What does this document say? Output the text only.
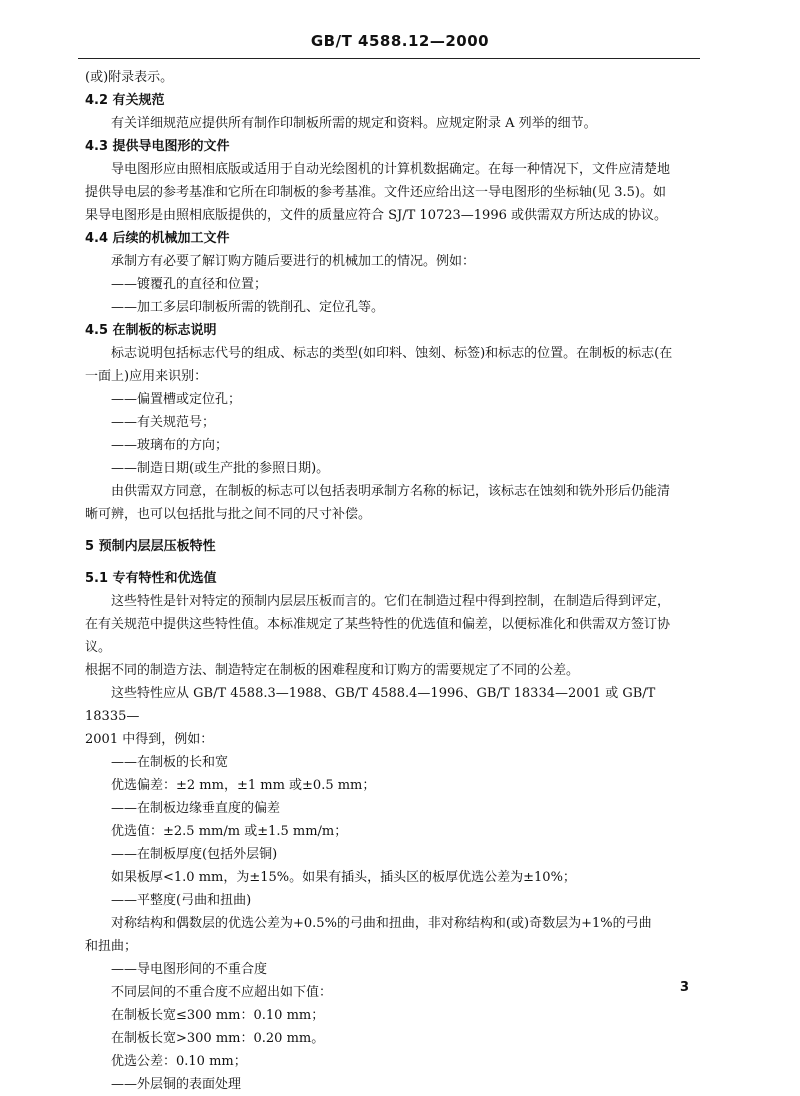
GB/T 4588.12—2000

(或)附录表示。

4.2 有关规范

有关详细规范应提供所有制作印制板所需的规定和资料。应规定附录 A 列举的细节。

4.3 提供导电图形的文件

导电图形应由照相底版或适用于自动光绘图机的计算机数据确定。在每一种情况下，文件应清楚地

提供导电层的参考基准和它所在印制板的参考基准。文件还应给出这一导电图形的坐标轴(见 3.5)。如

果导电图形是由照相底版提供的，文件的质量应符合 SJ/T 10723—1996 或供需双方所达成的协议。

4.4 后续的机械加工文件

承制方有必要了解订购方随后要进行的机械加工的情况。例如：

——镀覆孔的直径和位置；

——加工多层印制板所需的铣削孔、定位孔等。

4.5 在制板的标志说明

标志说明包括标志代号的组成、标志的类型(如印料、蚀刻、标签)和标志的位置。在制板的标志(在

一面上)应用来识别：

——偏置槽或定位孔；

——有关规范号；

——玻璃布的方向；

——制造日期(或生产批的参照日期)。

由供需双方同意，在制板的标志可以包括表明承制方名称的标记，该标志在蚀刻和铣外形后仍能清

晰可辨，也可以包括批与批之间不同的尺寸补偿。

5 预制内层层压板特性

5.1 专有特性和优选值

这些特性是针对特定的预制内层层压板而言的。它们在制造过程中得到控制，在制造后得到评定，

在有关规范中提供这些特性值。本标准规定了某些特性的优选值和偏差，以便标准化和供需双方签订协议。

根据不同的制造方法、制造特定在制板的困难程度和订购方的需要规定了不同的公差。

这些特性应从 GB/T 4588.3—1988、GB/T 4588.4—1996、GB/T 18334—2001 或 GB/T 18335—

2001 中得到，例如：

——在制板的长和宽

优选偏差：±2 mm，±1 mm 或±0.5 mm；

——在制板边缘垂直度的偏差

优选值：±2.5 mm/m 或±1.5 mm/m；

——在制板厚度(包括外层铜)

如果板厚<1.0 mm，为±15%。如果有插头，插头区的板厚优选公差为±10%；

——平整度(弓曲和扭曲)

对称结构和偶数层的优选公差为+0.5%的弓曲和扭曲，非对称结构和(或)奇数层为+1%的弓曲

和扭曲；

——导电图形间的不重合度

不同层间的不重合度不应超出如下值：

在制板长宽≤300 mm：0.10 mm；

在制板长宽>300 mm：0.20 mm。

优选公差：0.10 mm；

——外层铜的表面处理

3
